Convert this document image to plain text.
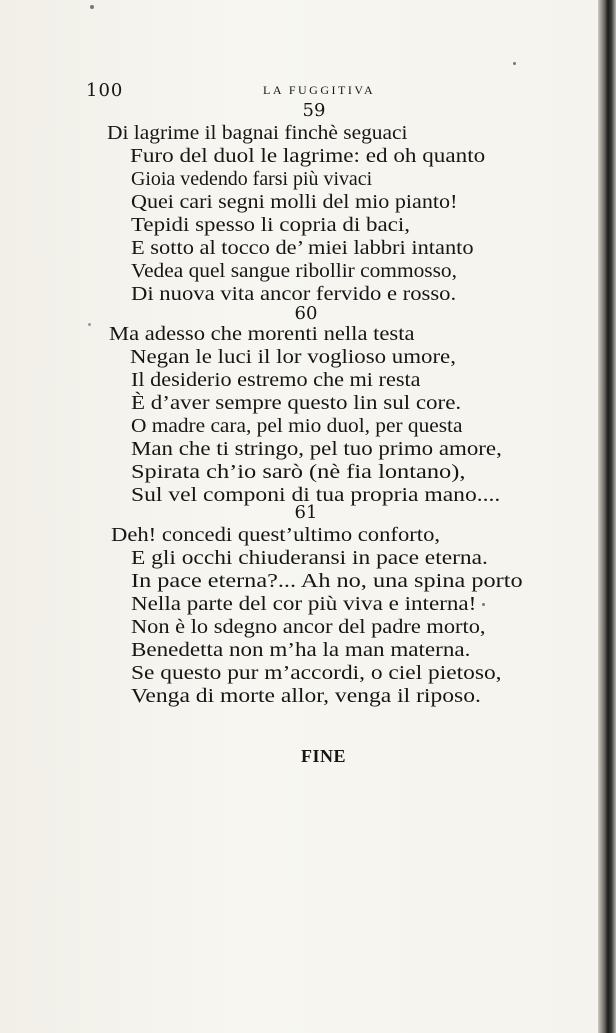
100	LA FUGGITIVA
59
Di lagrime il bagnai finchè seguaci
Furo del duol le lagrime: ed oh quanto
Gioia vedendo farsi più vivaci
Quei cari segni molli del mio pianto!
Tepidi spesso li copria di baci,
E sotto al tocco de’ miei labbri intanto
Vedea quel sangue ribollir commosso,
Di nuova vita ancor fervido e rosso.
60
Ma adesso che morenti nella testa
Negan le luci il lor voglioso umore,
Il desiderio estremo che mi resta
È d’aver sempre questo lin sul core.
O madre cara, pel mio duol, per questa
Man che ti stringo, pel tuo primo amore,
Spirata ch’io sarò (nè fia lontano),
Sul vel componi di tua propria mano....
61
Deh! concedi quest’ultimo conforto,
E gli occhi chiuderansi in pace eterna.
In pace eterna?... Ah no, una spina porto
Nella parte del cor più viva e interna!
Non è lo sdegno ancor del padre morto,
Benedetta non m’ha la man materna.
Se questo pur m’accordi, o ciel pietoso,
Venga di morte allor, venga il riposo.
FINE
